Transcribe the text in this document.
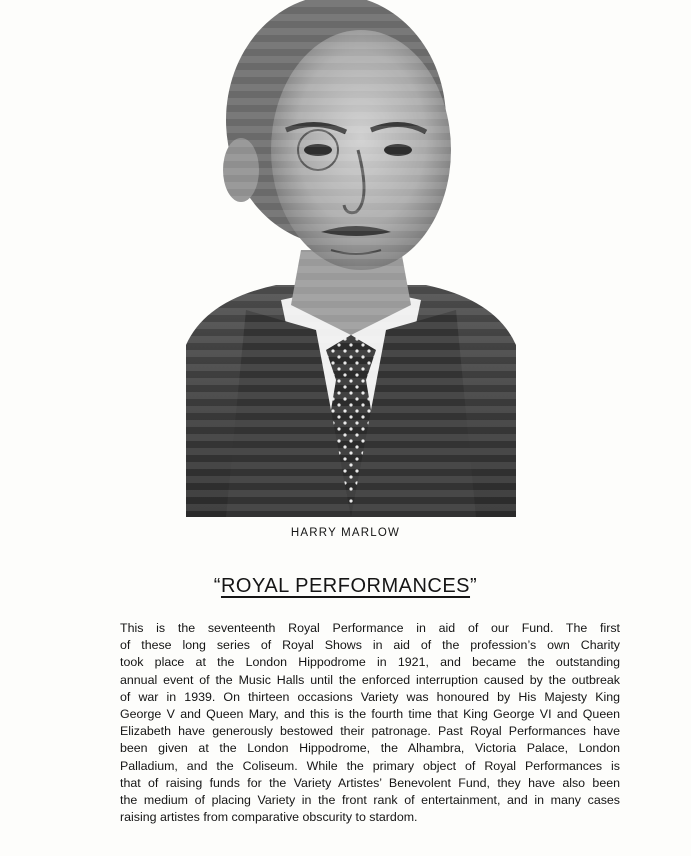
HARRY MARLOW
“ROYAL PERFORMANCES”
This is the seventeenth Royal Performance in aid of our Fund. The first
of these long series of Royal Shows in aid of the profession’s own Charity
took place at the London Hippodrome in 1921, and became the outstanding
annual event of the Music Halls until the enforced interruption caused by the outbreak
of war in 1939. On thirteen occasions Variety was honoured by His Majesty King
George V and Queen Mary, and this is the fourth time that King George VI and Queen
Elizabeth have generously bestowed their patronage. Past Royal Performances have
been given at the London Hippodrome, the Alhambra, Victoria Palace, London
Palladium, and the Coliseum. While the primary object of Royal Performances is
that of raising funds for the Variety Artistes’ Benevolent Fund, they have also been
the medium of placing Variety in the front rank of entertainment, and in many cases
raising artistes from comparative obscurity to stardom.
